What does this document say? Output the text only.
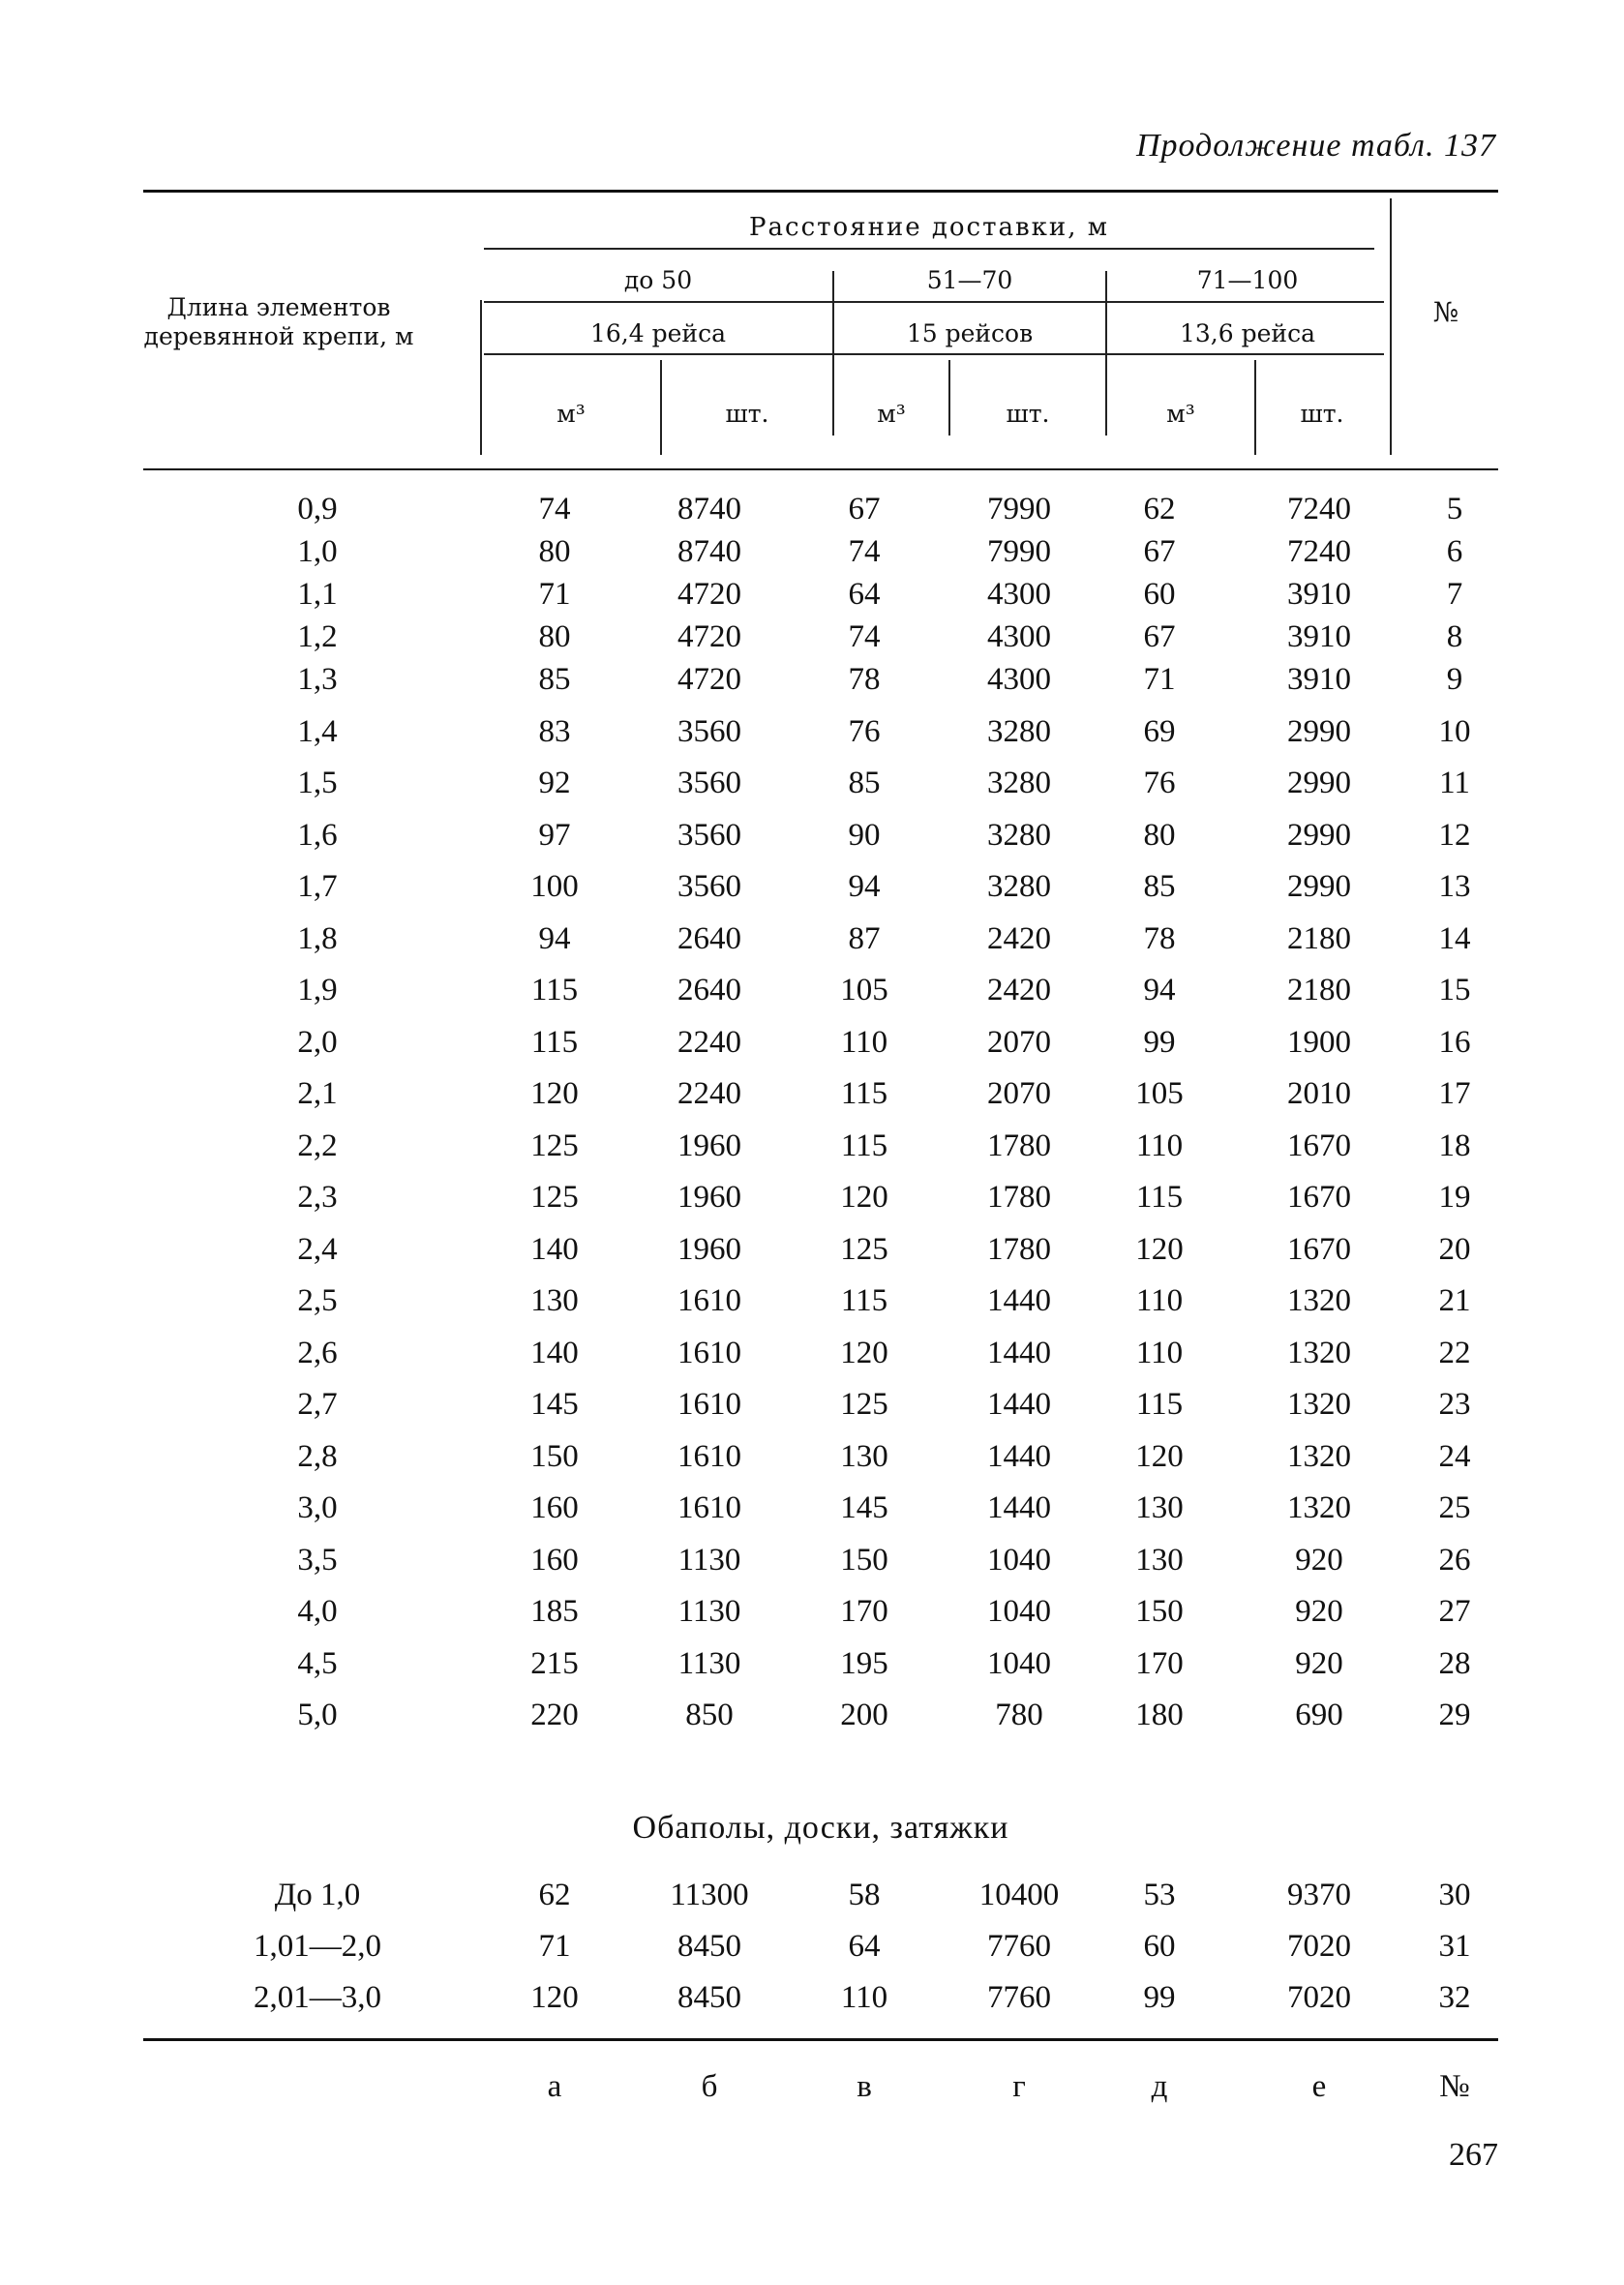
Продолжение табл. 137
Длина элементов деревянной крепи, м
Расстояние доставки, м
до 50	51—70	71—100
16,4 рейса	15 рейсов	13,6 рейса
м³	шт.	м³	шт.	м³	шт.
№
0,9	74	8740	67	7990	62	7240	5
1,0	80	8740	74	7990	67	7240	6
1,1	71	4720	64	4300	60	3910	7
1,2	80	4720	74	4300	67	3910	8
1,3	85	4720	78	4300	71	3910	9
1,4	83	3560	76	3280	69	2990	10
1,5	92	3560	85	3280	76	2990	11
1,6	97	3560	90	3280	80	2990	12
1,7	100	3560	94	3280	85	2990	13
1,8	94	2640	87	2420	78	2180	14
1,9	115	2640	105	2420	94	2180	15
2,0	115	2240	110	2070	99	1900	16
2,1	120	2240	115	2070	105	2010	17
2,2	125	1960	115	1780	110	1670	18
2,3	125	1960	120	1780	115	1670	19
2,4	140	1960	125	1780	120	1670	20
2,5	130	1610	115	1440	110	1320	21
2,6	140	1610	120	1440	110	1320	22
2,7	145	1610	125	1440	115	1320	23
2,8	150	1610	130	1440	120	1320	24
3,0	160	1610	145	1440	130	1320	25
3,5	160	1130	150	1040	130	920	26
4,0	185	1130	170	1040	150	920	27
4,5	215	1130	195	1040	170	920	28
5,0	220	850	200	780	180	690	29
Обаполы, доски, затяжки
До 1,0	62	11300	58	10400	53	9370	30
1,01—2,0	71	8450	64	7760	60	7020	31
2,01—3,0	120	8450	110	7760	99	7020	32
а	б	в	г	д	е	№
267
